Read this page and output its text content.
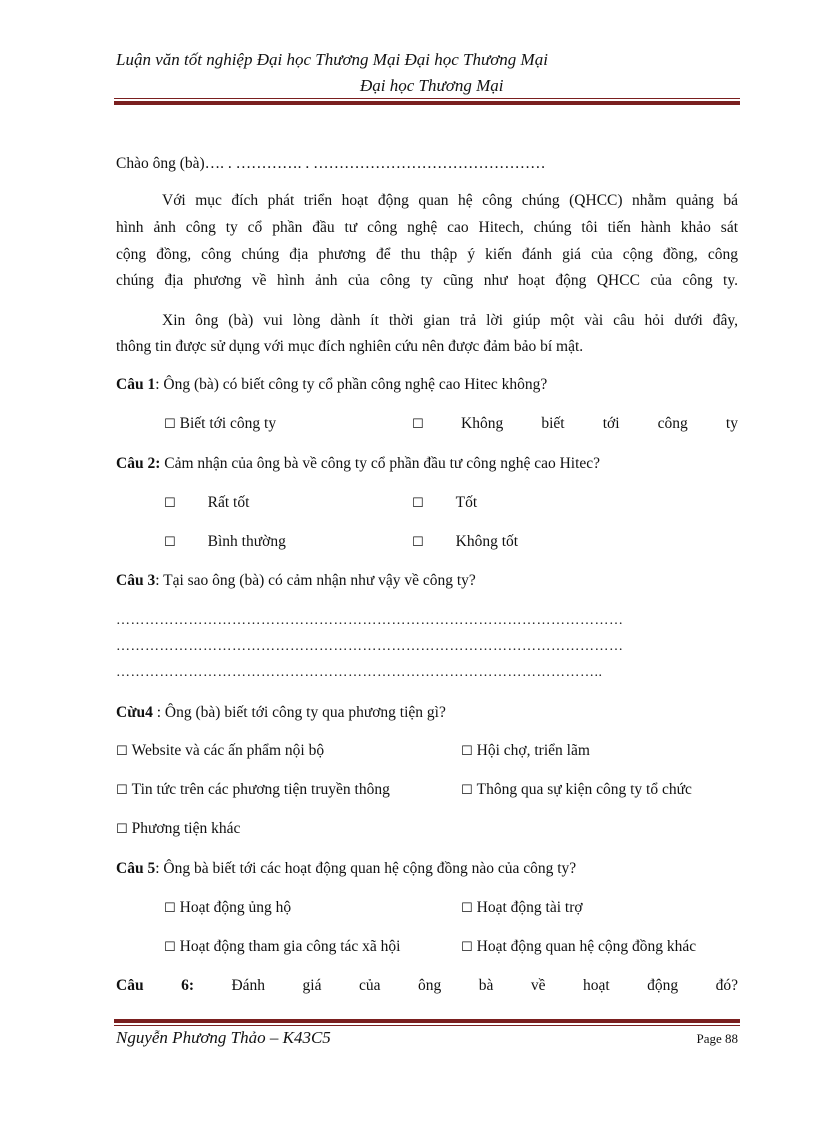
Luận văn tốt nghiệp Đại học Thương Mại Đại học Thương Mại
Đại học Thương Mại
Chào ông (bà)…. . …………. . ………………………………………
Với mục đích phát triển hoạt động quan hệ công chúng (QHCC) nhằm quảng bá
hình ảnh công ty cổ phần đầu tư công nghệ cao Hitech, chúng tôi tiến hành khảo sát
cộng đồng, công chúng địa phương để thu thập ý kiến đánh giá của cộng đồng, công
chúng địa phương về hình ảnh của công ty cũng như hoạt động QHCC của công ty.
Xin ông (bà) vui lòng dành ít thời gian trả lời giúp một vài câu hỏi dưới đây,
thông tin được sử dụng với mục đích nghiên cứu nên được đảm bảo bí mật.
Câu 1: Ông (bà) có biết công ty cổ phần công nghệ cao Hitec không?
☐ Biết tới công ty	☐ Không biết tới công ty
Câu 2: Cảm nhận của ông bà về công ty cổ phần đầu tư công nghệ cao Hitec?
☐ Rất tốt	☐ Tốt
☐ Bình thường	☐ Không tốt
Câu 3: Tại sao ông (bà) có cảm nhận như vậy về công ty?
……………………………………………………………………………………………
……………………………………………………………………………………………
………………………………………………………………………………………..
Cừu4 : Ông (bà) biết tới công ty qua phương tiện gì?
☐ Website và các ấn phẩm nội bộ	☐ Hội chợ, triển lãm
☐ Tin tức trên các phương tiện truyền thông	☐ Thông qua sự kiện công ty tổ chức
☐ Phương tiện khác
Câu 5: Ông bà biết tới các hoạt động quan hệ cộng đồng nào của công ty?
☐ Hoạt động ủng hộ	☐ Hoạt động tài trợ
☐ Hoạt động tham gia công tác xã hội	☐ Hoạt động quan hệ cộng đồng khác
Câu 6: Đánh giá của ông bà về hoạt động đó?
Nguyễn Phương Thảo – K43C5	Page 88
